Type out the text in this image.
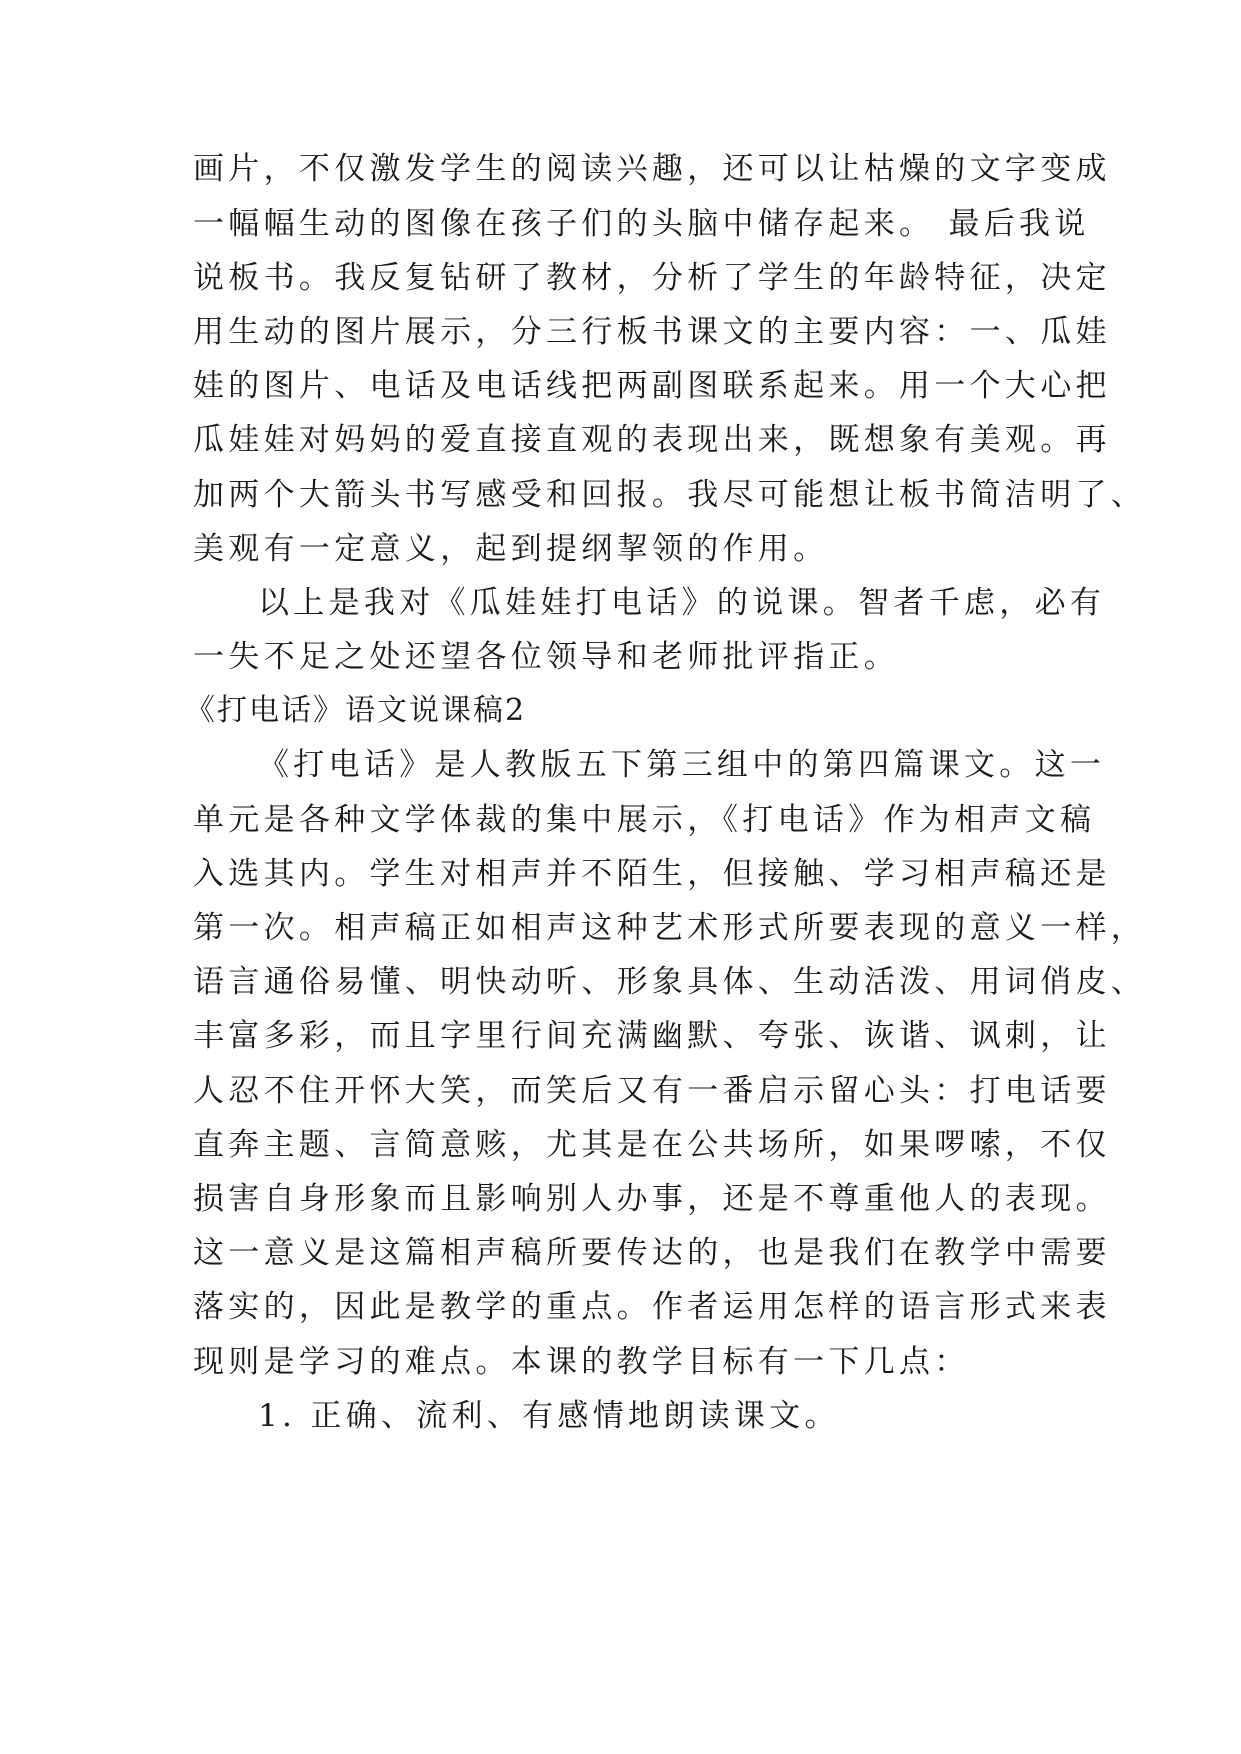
画片，不仅激发学生的阅读兴趣，还可以让枯燥的文字变成
一幅幅生动的图像在孩子们的头脑中储存起来。 最后我说
说板书。我反复钻研了教材，分析了学生的年龄特征，决定
用生动的图片展示，分三行板书课文的主要内容：一、瓜娃
娃的图片、电话及电话线把两副图联系起来。用一个大心把
瓜娃娃对妈妈的爱直接直观的表现出来，既想象有美观。再
加两个大箭头书写感受和回报。我尽可能想让板书简洁明了、
美观有一定意义，起到提纲挈领的作用。
以上是我对《瓜娃娃打电话》的说课。智者千虑，必有
一失不足之处还望各位领导和老师批评指正。
《打电话》语文说课稿2
《打电话》是人教版五下第三组中的第四篇课文。这一
单元是各种文学体裁的集中展示，《打电话》作为相声文稿
入选其内。学生对相声并不陌生，但接触、学习相声稿还是
第一次。相声稿正如相声这种艺术形式所要表现的意义一样，
语言通俗易懂、明快动听、形象具体、生动活泼、用词俏皮、
丰富多彩，而且字里行间充满幽默、夸张、诙谐、讽刺，让
人忍不住开怀大笑，而笑后又有一番启示留心头：打电话要
直奔主题、言简意赅，尤其是在公共场所，如果啰嗦，不仅
损害自身形象而且影响别人办事，还是不尊重他人的表现。
这一意义是这篇相声稿所要传达的，也是我们在教学中需要
落实的，因此是教学的重点。作者运用怎样的语言形式来表
现则是学习的难点。本课的教学目标有一下几点：
1. 正确、流利、有感情地朗读课文。
